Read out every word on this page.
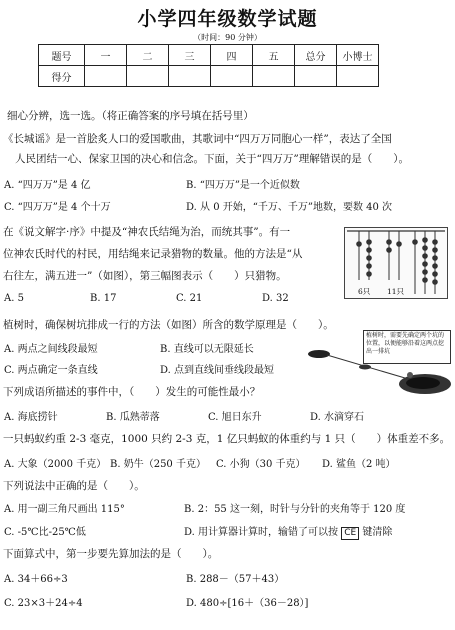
小学四年级数学试题
（时间：90 分钟）
题号	一	二	三	四	五	总分	小博士
得分							
细心分辨，选一选。（将正确答案的序号填在括号里）
《长城谣》是一首脍炙人口的爱国歌曲，其歌词中“四万万同胞心一样”，表达了全国
人民团结一心、保家卫国的决心和信念。下面，关于“四万万”理解错误的是（　　）。
A. “四万万”是 4 亿	B. “四万万”是一个近似数
C. “四万万”是 4 个十万	D. 从 0 开始，“千万、千万”地数，要数 40 次
在《说文解字·序》中提及“神农氏结绳为治，而统其事”。有一
位神农氏时代的村民，用结绳来记录猎物的数量。他的方法是“从
右往左，满五进一”（如图），第三幅图表示（　　）只猎物。
A. 5	B. 17	C. 21	D. 32
6只 11只
植树时，确保树坑排成一行的方法（如图）所含的数学原理是（　　）。
A. 两点之间线段最短	B. 直线可以无限延长
C. 两点确定一条直线	D. 点到直线间垂线段最短
植树时，需要先确定两个坑的位置，以便能够沿着这两点挖出一排坑
下列成语所描述的事件中，（　　）发生的可能性最小？
A. 海底捞针	B. 瓜熟蒂落	C. 旭日东升	D. 水滴穿石
一只蚂蚁约重 2-3 毫克，1000 只约 2-3 克，1 亿只蚂蚁的体重约与 1 只（　　）体重差不多。
A. 大象（2000 千克） B. 奶牛（250 千克） C. 小狗（30 千克） D. 鲨鱼（2 吨）
下列说法中正确的是（　　）。
A. 用一副三角尺画出 115°	B. 2：55 这一刻，时针与分针的夹角等于 120 度
C. -5℃比-25℃低	D. 用计算器计算时，输错了可以按 CE 键清除
下面算式中，第一步要先算加法的是（　　）。
A. 34＋66÷3	B. 288－（57＋43）
C. 23×3＋24÷4	D. 480÷[16＋（36－28）]
